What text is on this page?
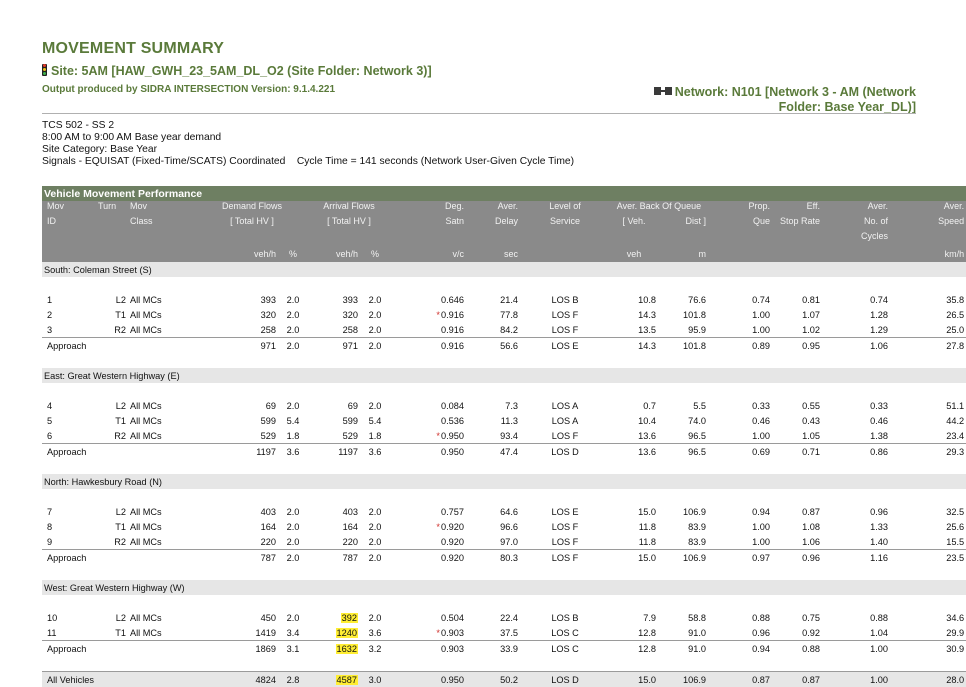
MOVEMENT SUMMARY
Site: 5AM [HAW_GWH_23_5AM_DL_O2 (Site Folder: Network 3)]
Output produced by SIDRA INTERSECTION Version: 9.1.4.221	Network: N101 [Network 3 - AM (Network
Folder: Base Year_DL)]
TCS 502 - SS 2
8:00 AM to 9:00 AM Base year demand
Site Category: Base Year
Signals - EQUISAT (Fixed-Time/SCATS) Coordinated    Cycle Time = 141 seconds (Network User-Given Cycle Time)
Vehicle Movement Performance															
Mov	Turn	Mov	Demand Flows		Arrival Flows		Deg.	Aver.	Level of	Aver. Back Of Queue		Prop.	Eff.	Aver.	Aver.
ID		Class	[ Total HV ]		[ Total HV ]		Satn	Delay	Service	[ Veh.	Dist ]	Que	Stop Rate	No. of	Speed
														Cycles	
			veh/h	%	veh/h	%	v/c	sec		veh	m				km/h
South: Coleman Street (S)															

1	L2	All MCs	393	2.0	393	2.0	0.646	21.4	LOS B	10.8	76.6	0.74	0.81	0.74	35.8
2	T1	All MCs	320	2.0	320	2.0	*0.916	77.8	LOS F	14.3	101.8	1.00	1.07	1.28	26.5
3	R2	All MCs	258	2.0	258	2.0	0.916	84.2	LOS F	13.5	95.9	1.00	1.02	1.29	25.0
Approach			971	2.0	971	2.0	0.916	56.6	LOS E	14.3	101.8	0.89	0.95	1.06	27.8

East: Great Western Highway (E)															

4	L2	All MCs	69	2.0	69	2.0	0.084	7.3	LOS A	0.7	5.5	0.33	0.55	0.33	51.1
5	T1	All MCs	599	5.4	599	5.4	0.536	11.3	LOS A	10.4	74.0	0.46	0.43	0.46	44.2
6	R2	All MCs	529	1.8	529	1.8	*0.950	93.4	LOS F	13.6	96.5	1.00	1.05	1.38	23.4
Approach			1197	3.6	1197	3.6	0.950	47.4	LOS D	13.6	96.5	0.69	0.71	0.86	29.3

North: Hawkesbury Road (N)															

7	L2	All MCs	403	2.0	403	2.0	0.757	64.6	LOS E	15.0	106.9	0.94	0.87	0.96	32.5
8	T1	All MCs	164	2.0	164	2.0	*0.920	96.6	LOS F	11.8	83.9	1.00	1.08	1.33	25.6
9	R2	All MCs	220	2.0	220	2.0	0.920	97.0	LOS F	11.8	83.9	1.00	1.06	1.40	15.5
Approach			787	2.0	787	2.0	0.920	80.3	LOS F	15.0	106.9	0.97	0.96	1.16	23.5

West: Great Western Highway (W)															

10	L2	All MCs	450	2.0	392	2.0	0.504	22.4	LOS B	7.9	58.8	0.88	0.75	0.88	34.6
11	T1	All MCs	1419	3.4	1240	3.6	*0.903	37.5	LOS C	12.8	91.0	0.96	0.92	1.04	29.9
Approach			1869	3.1	1632	3.2	0.903	33.9	LOS C	12.8	91.0	0.94	0.88	1.00	30.9

All Vehicles			4824	2.8	4587	3.0	0.950	50.2	LOS D	15.0	106.9	0.87	0.87	1.00	28.0
